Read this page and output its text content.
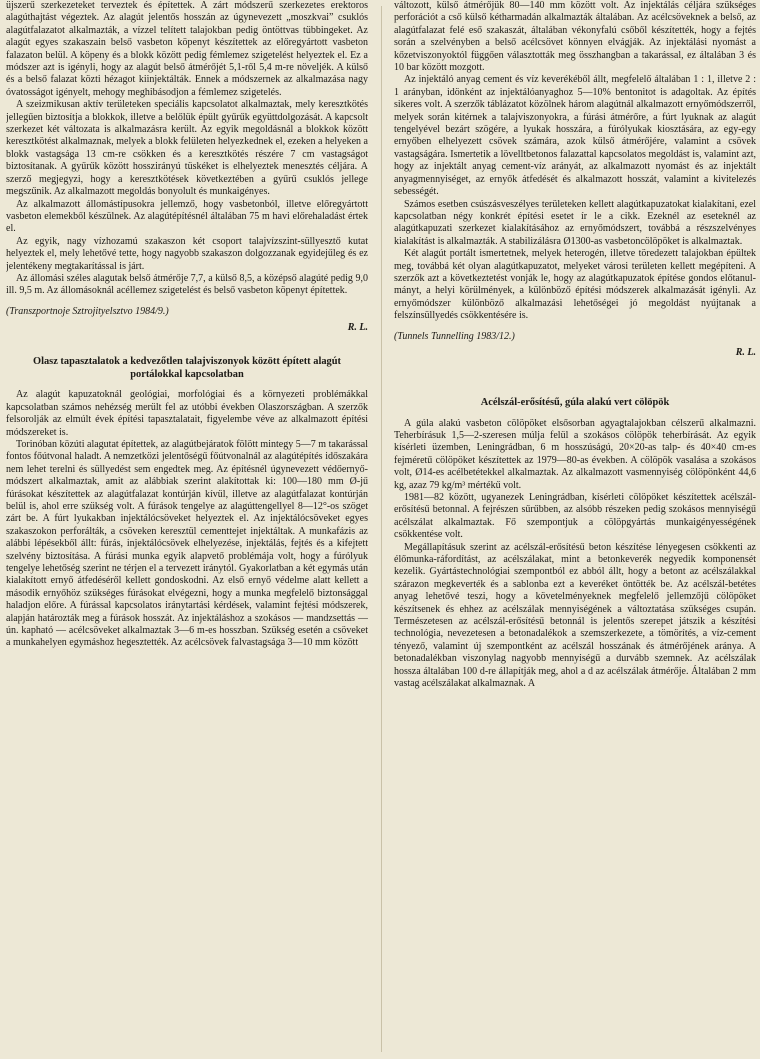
üjszerű szerkezeteket terveztek és építettek. A zárt módszerű szerkezetes erektoros alagúthajtást végeztek. Az alagút jelentős hosszán az úgynevezett „moszkvai” csuklós alagútfalazatot alkalmazták, a vízzel telített talajokban pedig öntöttvas tübbingeket. Az alagút egyes szakaszain belső vasbeton köpenyt készítettek az előregyártott vasbeton falazaton belül. A köpeny és a blokk között pedig fémlemez szigetelést helyeztek el. Ez a módszer azt is igényli, hogy az alagút belső átmérőjét 5,1-ről 5,4 m-re növeljék. A külső és a belső falazat közti hézagot kiinjektálták. Ennek a módszernek az alkalmazása nagy óvatosságot igényelt, mehogy meghibásodjon a fémlemez szigetelés.

A szeizmikusan aktív területeken speciális kapcsolatot alkalmaztak, mely keresztkötés jellegűen biztosítja a blokkok, illetve a belőlük épült gyűrűk együttdolgozását. A kapcsolt szerkezet két változata is alkalmazásra került. Az egyik megoldásnál a blokkok között keresztkötést alkalmaznak, melyek a blokk felületen helyezkednek el, ezeken a helyeken a blokk vastagsága 13 cm-re csökken és a keresztkötés részére 7 cm vastagságot biztosítanak. A gyűrűk között hosszirányú tüskéket is elhelyeztek menesztés céljára. A szerző megjegyzi, hogy a keresztkötések következtében a gyűrű csuklós jellege megszűnik. Az alkalmazott megoldás bonyolult és munkaigényes.

Az alkalmazott állomástípusokra jellemző, hogy vasbetonból, illetve előregyártott vasbeton elemekből készülnek. Az alagútépítésnél általában 75 m havi előrehaladást értek el.

Az egyik, nagy vízhozamú szakaszon két csoport talajvízszint-süllyesztő kutat helyeztek el, mely lehetővé tette, hogy nagyobb szakaszon dolgozzanak egyidejűleg és ez jelentékeny megtakarítással is járt.

Az állomási széles alagutak belső átmérője 7,7, a külső 8,5, a középső alagúté pedig 9,0 ill. 9,5 m. Az állomásoknál acéllemez szigetelést és belső vasbeton köpenyt építettek.

(Transzportnoje Sztrojityelsztvo 1984/9.)
R. L.
Olasz tapasztalatok a kedvezőtlen talajviszonyok között épített alagút portálokkal kapcsolatban

Az alagút kapuzatoknál geológiai, morfológiai és a környezeti problémákkal kapcsolatban számos nehézség merült fel az utóbbi években Olaszországban. A szerzők felsorolják az elmúlt évek építési tapasztalatait, figyelembe véve az alkalmazott építési módszereket is.

Torinóban közúti alagutat építettek, az alagútbejáratok fölött mintegy 5—7 m takarással fontos főútvonal haladt. A nemzetközi jelentőségű főútvonalnál az alagútépítés időszakára nem lehet terelni és süllyedést sem engedtek meg. Az építésnél úgynevezett védőernyő-módszert alkalmaztak, amit az alábbiak szerint alakítottak ki: 100—180 mm Ø-jű fúrásokat készítettek az alagútfalazat kontúrján kívül, illetve az alagútfalazat kontúrján belül is, ahol erre szükség volt. A fúrások tengelye az alagúttengellyel 8—12°-os szöget zárt be. A fúrt lyukakban injektálócsöveket helyeztek el. Az injektálócsöveket egyes szakaszokon perforálták, a csöveken keresztül cementtejet injektáltak. A munkafázis az alábbi lépésekből állt: fúrás, injektálócsövek elhelyezése, injektálás, fejtés és a kifejtett szelvény biztosítása. A fúrási munka egyik alapvető problémája volt, hogy a fúrólyuk tengelye lehetőség szerint ne térjen el a tervezett iránytól. Gyakorlatban a két egymás után kialakított ernyő átfedéséről kellett gondoskodni. Az első ernyő védelme alatt kellett a második ernyőhöz szükséges fúrásokat elvégezni, hogy a munka megfelelő biztonsággal haladjon előre. A fúrással kapcsolatos iránytartási kérdések, valamint fejtési módszerek, alapján határozták meg a fúrások hosszát. Az injektáláshoz a szokásos — mandzsettás — ún. kapható — acélcsöveket alkalmaztak 3—6 m-es hosszban. Szükség esetén a csöveket a munkahelyen egymáshoz hegesztették. Az acélcsövek falvastagsága 3—10 mm között

változott, külső átmérőjük 80—140 mm között volt. Az injektálás céljára szükséges perforációt a cső külső kétharmadán alkalmazták általában. Az acélcsöveknek a belső, az alagútfalazat felé eső szakaszát, általában vékonyfalú csőből készítették, hogy a fejtés során a szelvényben a belső acélcsövet könnyen elvágják. Az injektálási nyomást a kőzetviszonyoktól függően választották meg összhangban a takarással, ez általában 3 és 10 bar között mozgott.

Az injektáló anyag cement és víz keverékéből állt, megfelelő általában 1 : 1, illetve 2 : 1 arányban, idönként az injektálóanyaghoz 5—10% bentonitot is adagoltak. Az építés sikeres volt. A szerzők táblázatot közölnek három alagútnál alkalmazott ernyőmódszerről, melyek során kitérnek a talajviszonyokra, a fúrási átmérőre, a fúrt lyuknak az alagút tengelyével bezárt szögére, a lyukak hosszára, a fúrólyukak kiosztására, az egy-egy ernyőben elhelyezett csövek számára, azok külső átmérőjére, valamint a csövek vastagságára. Ismertetik a lövelltbetonos falazattal kapcsolatos megoldást is, valamint azt, hogy az injektált anyag cement-víz arányát, az alkalmazott nyomást és az injektált anyagmennyiséget, az ernyők átfedését és alkalmazott hosszát, valamint a kivitelezés sebességét.

Számos esetben csúszásveszélyes területeken kellett alagútkapuzatokat kialakítani, ezel kapcsolatban négy konkrét építési esetet ír le a cikk. Ezeknél az eseteknél az alagútkapuzati szerkezet kialakításához az ernyőmódszert, továbbá a részszelvényes kialakítást is alkalmazták. A stabilizálásra Ø1300-as vasbetoncölöpöket is alkalmaztak.

Két alagút portált ismertetnek, melyek heterogén, illetve töredezett talajokban épültek meg, továbbá két olyan alagútkapuzatot, melyeket városi területen kellett megépíteni. A szerzők azt a következtetést vonják le, hogy az alagútkapuzatok építése gondos előtanulmányt, a helyi körülmények, a különböző építési módszerek alkalmazását igényli. Az ernyőmódszer különböző alkalmazási lehetőségei jó megoldást nyújtanak a felszínsüllyedés csökkentésére is.

(Tunnels Tunnelling 1983/12.)
R. L.
Acélszál-erősítésű, gúla alakú vert cölöpök

A gúla alakú vasbeton cölöpöket elsősorban agyagtalajokban célszerű alkalmazni. Teherbírásuk 1,5—2-szeresen múlja felül a szokásos cölöpök teherbírását. Az egyik kísérleti üzemben, Leningrádban, 6 m hosszúságú, 20×20-as talp- és 40×40 cm-es fejméretű cölöpöket készítettek az 1979—80-as években. A cölöpök vasalása a szokásos volt, Ø14-es acélbetétekkel alkalmaztak. Az alkalmazott vasmennyiség cölöpönként 44,6 kg, azaz 79 kg/m³ mértékű volt.

1981—82 között, ugyanezek Leningrádban, kísérleti cölöpöket készítettek acélszál-erősítésű betonnal. A fejrészen sűrűbben, az alsóbb részeken pedig szokásos mennyiségű acélszálat alkalmaztak. Fő szempontjuk a cölöpgyártás munkaigényességének csökkentése volt.

Megállapításuk szerint az acélszál-erősítésű beton készítése lényegesen csökkenti az élőmunka-ráfordítást, az acélszálakat, mint a betonkeverék negyedik komponensét kezelik. Gyártástechnológiai szempontból ez abból állt, hogy a betont az acélszálakkal szárazon megkeverték és a sablonba ezt a keveréket öntötték be. Az acélszál-betétes anyag lehetővé teszi, hogy a követelményeknek megfelelő jellemzőjű cölöpöket készítsenek és ehhez az acélszálak mennyiségének a változtatása szükséges csupán. Természetesen az acélszál-erősítésű betonnál is jelentős szerepet játszik a készítési technológia, nevezetesen a betonadalékok a szemszerkezete, a tömörítés, a víz-cement tényező, valamint új szempontként az acélszál hosszának és átmérőjének aránya. A betonadalékban viszonylag nagyobb mennyiségű a durvább szemnek. Az acélszálak hossza általában 100 d-re állapítják meg, ahol a d az acélszálak átmérője. Általában 2 mm vastag acélszálakat alkalmaznak. A
